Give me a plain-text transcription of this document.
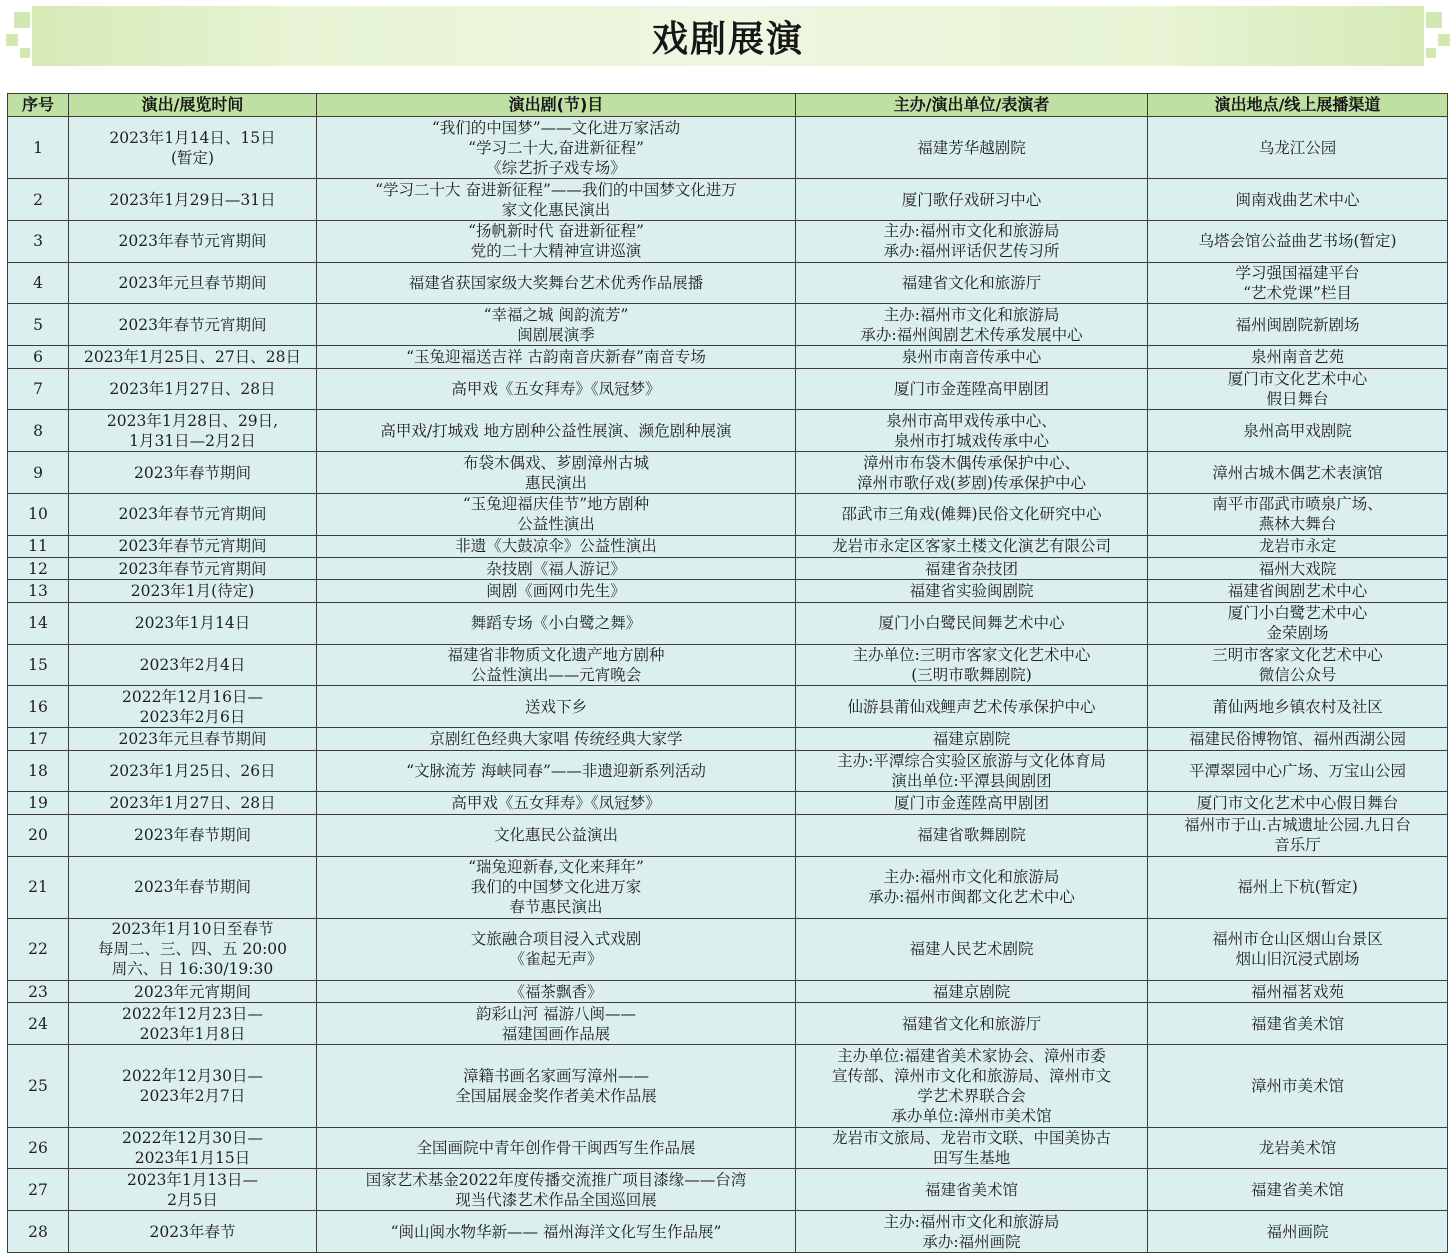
戏剧展演
序号	演出/展览时间	演出剧(节)目	主办/演出单位/表演者	演出地点/线上展播渠道
1	2023年1月14日、15日
(暂定)	“我们的中国梦”——文化进万家活动
“学习二十大,奋进新征程”
《综艺折子戏专场》	福建芳华越剧院	乌龙江公园
2	2023年1月29日—31日	“学习二十大 奋进新征程”——我们的中国梦文化进万
家文化惠民演出	厦门歌仔戏研习中心	闽南戏曲艺术中心
3	2023年春节元宵期间	“扬帆新时代 奋进新征程”
党的二十大精神宣讲巡演	主办:福州市文化和旅游局
承办:福州评话伬艺传习所	乌塔会馆公益曲艺书场(暂定)
4	2023年元旦春节期间	福建省获国家级大奖舞台艺术优秀作品展播	福建省文化和旅游厅	学习强国福建平台
“艺术党课”栏目
5	2023年春节元宵期间	“幸福之城 闽韵流芳”
闽剧展演季	主办:福州市文化和旅游局
承办:福州闽剧艺术传承发展中心	福州闽剧院新剧场
6	2023年1月25日、27日、28日	“玉兔迎福送吉祥 古韵南音庆新春”南音专场	泉州市南音传承中心	泉州南音艺苑
7	2023年1月27日、28日	高甲戏《五女拜寿》《凤冠梦》	厦门市金莲陞高甲剧团	厦门市文化艺术中心
假日舞台
8	2023年1月28日、29日,
1月31日—2月2日	高甲戏/打城戏 地方剧种公益性展演、濒危剧种展演	泉州市高甲戏传承中心、
泉州市打城戏传承中心	泉州高甲戏剧院
9	2023年春节期间	布袋木偶戏、芗剧漳州古城
惠民演出	漳州市布袋木偶传承保护中心、
漳州市歌仔戏(芗剧)传承保护中心	漳州古城木偶艺术表演馆
10	2023年春节元宵期间	“玉兔迎福庆佳节”地方剧种
公益性演出	邵武市三角戏(傩舞)民俗文化研究中心	南平市邵武市喷泉广场、
燕林大舞台
11	2023年春节元宵期间	非遗《大鼓凉伞》公益性演出	龙岩市永定区客家土楼文化演艺有限公司	龙岩市永定
12	2023年春节元宵期间	杂技剧《福人游记》	福建省杂技团	福州大戏院
13	2023年1月(待定)	闽剧《画网巾先生》	福建省实验闽剧院	福建省闽剧艺术中心
14	2023年1月14日	舞蹈专场《小白鹭之舞》	厦门小白鹭民间舞艺术中心	厦门小白鹭艺术中心
金荣剧场
15	2023年2月4日	福建省非物质文化遗产地方剧种
公益性演出——元宵晚会	主办单位:三明市客家文化艺术中心
(三明市歌舞剧院)	三明市客家文化艺术中心
微信公众号
16	2022年12月16日—
2023年2月6日	送戏下乡	仙游县莆仙戏鲤声艺术传承保护中心	莆仙两地乡镇农村及社区
17	2023年元旦春节期间	京剧红色经典大家唱 传统经典大家学	福建京剧院	福建民俗博物馆、福州西湖公园
18	2023年1月25日、26日	“文脉流芳 海峡同春”——非遗迎新系列活动	主办:平潭综合实验区旅游与文化体育局
演出单位:平潭县闽剧团	平潭翠园中心广场、万宝山公园
19	2023年1月27日、28日	高甲戏《五女拜寿》《凤冠梦》	厦门市金莲陞高甲剧团	厦门市文化艺术中心假日舞台
20	2023年春节期间	文化惠民公益演出	福建省歌舞剧院	福州市于山.古城遗址公园.九日台
音乐厅
21	2023年春节期间	“瑞兔迎新春,文化来拜年”
我们的中国梦文化进万家
春节惠民演出	主办:福州市文化和旅游局
承办:福州市闽都文化艺术中心	福州上下杭(暂定)
22	2023年1月10日至春节
每周二、三、四、五 20:00
周六、日 16:30/19:30	文旅融合项目浸入式戏剧
《雀起无声》	福建人民艺术剧院	福州市仓山区烟山台景区
烟山旧沉浸式剧场
23	2023年元宵期间	《福茶飘香》	福建京剧院	福州福茗戏苑
24	2022年12月23日—
2023年1月8日	韵彩山河 福游八闽——
福建国画作品展	福建省文化和旅游厅	福建省美术馆
25	2022年12月30日—
2023年2月7日	漳籍书画名家画写漳州——
全国届展金奖作者美术作品展	主办单位:福建省美术家协会、漳州市委
宣传部、漳州市文化和旅游局、漳州市文
学艺术界联合会
承办单位:漳州市美术馆	漳州市美术馆
26	2022年12月30日—
2023年1月15日	全国画院中青年创作骨干闽西写生作品展	龙岩市文旅局、龙岩市文联、中国美协古
田写生基地	龙岩美术馆
27	2023年1月13日—
2月5日	国家艺术基金2022年度传播交流推广项目漆缘——台湾
现当代漆艺术作品全国巡回展	福建省美术馆	福建省美术馆
28	2023年春节	“闽山闽水物华新—— 福州海洋文化写生作品展”	主办:福州市文化和旅游局
承办:福州画院	福州画院
